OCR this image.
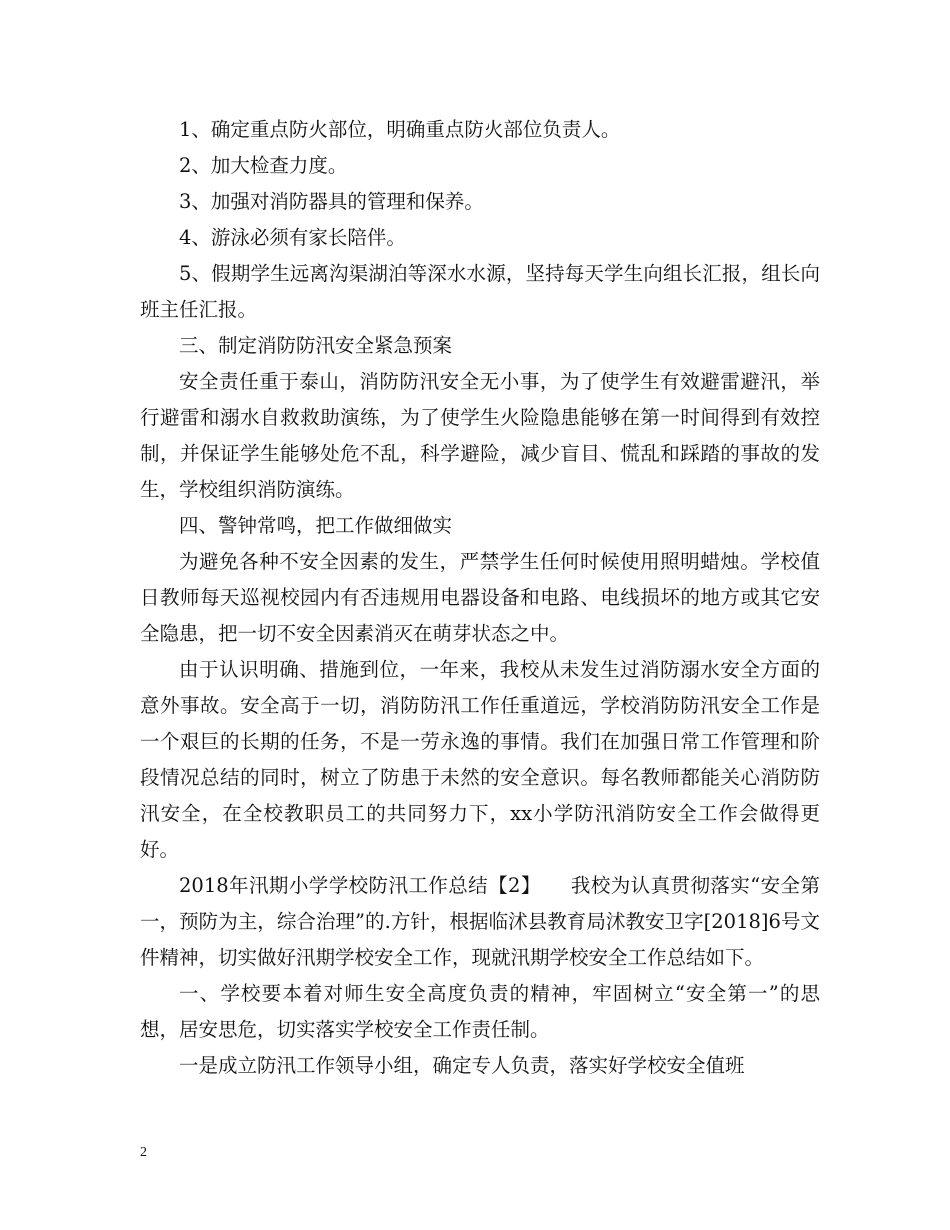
1、确定重点防火部位，明确重点防火部位负责人。

2、加大检查力度。

3、加强对消防器具的管理和保养。

4、游泳必须有家长陪伴。

5、假期学生远离沟渠湖泊等深水水源，坚持每天学生向组长汇报，组长向班主任汇报。

三、制定消防防汛安全紧急预案

安全责任重于泰山，消防防汛安全无小事，为了使学生有效避雷避汛，举行避雷和溺水自救救助演练，为了使学生火险隐患能够在第一时间得到有效控制，并保证学生能够处危不乱，科学避险，减少盲目、慌乱和踩踏的事故的发生，学校组织消防演练。

四、警钟常鸣，把工作做细做实

为避免各种不安全因素的发生，严禁学生任何时候使用照明蜡烛。学校值日教师每天巡视校园内有否违规用电器设备和电路、电线损坏的地方或其它安全隐患，把一切不安全因素消灭在萌芽状态之中。

由于认识明确、措施到位，一年来，我校从未发生过消防溺水安全方面的意外事故。安全高于一切，消防防汛工作任重道远，学校消防防汛安全工作是一个艰巨的长期的任务，不是一劳永逸的事情。我们在加强日常工作管理和阶段情况总结的同时，树立了防患于未然的安全意识。每名教师都能关心消防防汛安全，在全校教职员工的共同努力下，xx小学防汛消防安全工作会做得更好。

2018年汛期小学学校防汛工作总结【2】　　我校为认真贯彻落实“安全第一，预防为主，综合治理”的.方针，根据临沭县教育局沭教安卫字[2018]6号文件精神，切实做好汛期学校安全工作，现就汛期学校安全工作总结如下。

一、学校要本着对师生安全高度负责的精神，牢固树立“安全第一”的思想，居安思危，切实落实学校安全工作责任制。

一是成立防汛工作领导小组，确定专人负责，落实好学校安全值班

2
